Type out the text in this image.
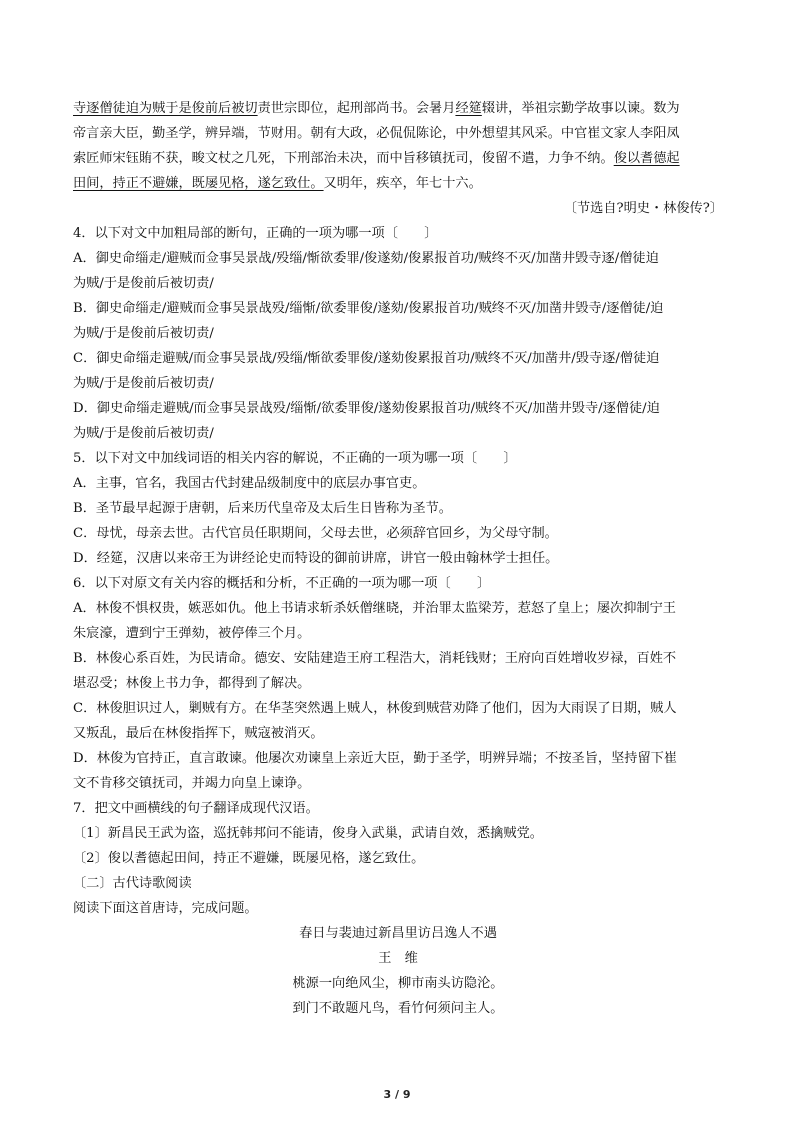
寺逐僧徒迫为贼于是俊前后被切责世宗即位，起刑部尚书。会暑月经筵辍讲，举祖宗勤学故事以谏。数为

帝言亲大臣，勤圣学，辨异端，节财用。朝有大政，必侃侃陈论，中外想望其风采。中官崔文家人李阳凤

索匠师宋钰賄不获，畯文杖之几死，下刑部治未决，而中旨移镇抚司，俊留不遣，力争不纳。俊以耆德起

田间，持正不避嫌，既屡见格，遂乞致仕。又明年，疾卒，年七十六。

〔节选自?明史・林俊传?〕

4．以下对文中加粗局部的断句，正确的一项为哪一项〔　　〕

A．御史命缁走/避贼而佥事吴景战/殁缁/惭欲委罪/俊遂劾/俊累报首功/贼终不灭/加凿井毁寺逐/僧徒迫

为贼/于是俊前后被切责/

B．御史命缁走/避贼而佥事吴景战殁/缁惭/欲委罪俊/遂劾/俊累报首功/贼终不灭/加凿井毁寺/逐僧徒/迫

为贼/于是俊前后被切责/

C．御史命缁走避贼/而佥事吴景战/殁缁/惭欲委罪俊/遂劾俊累报首功/贼终不灭/加凿井/毁寺逐/僧徒迫

为贼/于是俊前后被切责/

D．御史命缁走避贼/而佥事吴景战殁/缁惭/欲委罪俊/遂劾俊累报首功/贼终不灭/加凿井毁寺/逐僧徒/迫

为贼/于是俊前后被切责/

5．以下对文中加线词语的相关内容的解说，不正确的一项为哪一项〔　　〕

A．主事，官名，我国古代封建品级制度中的底层办事官吏。

B．圣节最早起源于唐朝，后来历代皇帝及太后生日皆称为圣节。

C．母忧，母亲去世。古代官员任职期间，父母去世，必须辞官回乡，为父母守制。

D．经筵，汉唐以来帝王为讲经论史而特设的御前讲席，讲官一般由翰林学士担任。

6．以下对原文有关内容的概括和分析，不正确的一项为哪一项〔　　〕

A．林俊不惧权贵，嫉恶如仇。他上书请求斩杀妖僧继晓，并治罪太监梁芳，惹怒了皇上；屡次抑制宁王

朱宸濠，遭到宁王弹劾，被停俸三个月。

B．林俊心系百姓，为民请命。德安、安陆建造王府工程浩大，消耗钱财；王府向百姓增收岁禄，百姓不

堪忍受；林俊上书力争，都得到了解决。

C．林俊胆识过人，剿贼有方。在华茎突然遇上贼人，林俊到贼营劝降了他们，因为大雨误了日期，贼人

又叛乱，最后在林俊指挥下，贼寇被消灭。

D．林俊为官持正，直言敢谏。他屡次劝谏皇上亲近大臣，勤于圣学，明辨异端；不按圣旨，坚持留下崔

文不肯移交镇抚司，并竭力向皇上谏诤。

7．把文中画横线的句子翻译成现代汉语。

〔1〕新昌民王武为盗，巡抚韩邦问不能请，俊身入武巢，武请自效，悉擒贼党。

〔2〕俊以耆德起田间，持正不避嫌，既屡见格，遂乞致仕。

〔二〕古代诗歌阅读

阅读下面这首唐诗，完成问题。

春日与裴迪过新昌里访吕逸人不遇

王　维

桃源一向绝风尘，柳市南头访隐沦。

到门不敢题凡鸟，看竹何须问主人。

3 / 9
